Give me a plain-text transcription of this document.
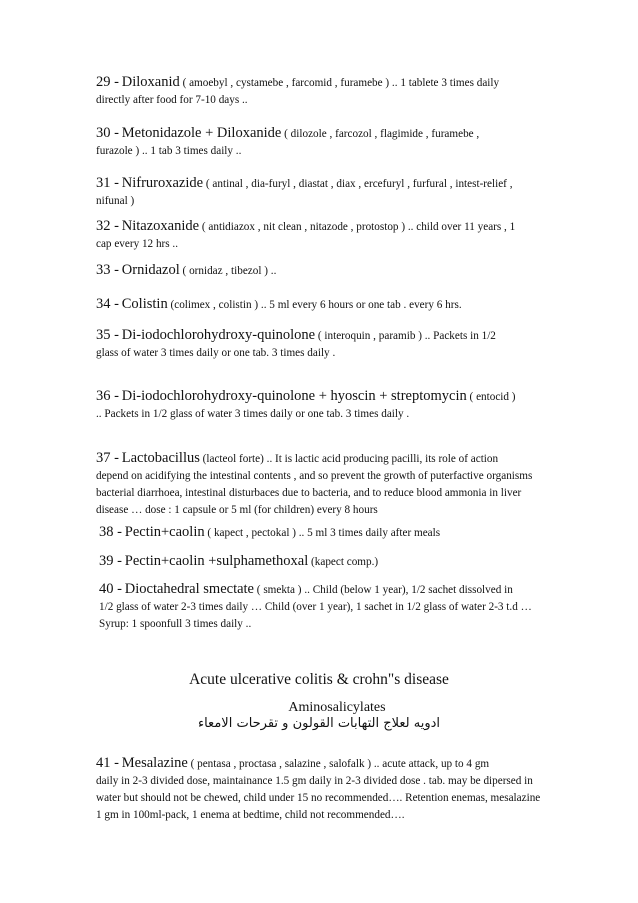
29 - Diloxanid ( amoebyl , cystamebe , farcomid , furamebe ) .. 1 tablete 3 times daily
directly after food for 7-10 days ..
30 - Metonidazole + Diloxanide ( dilozole , farcozol , flagimide , furamebe ,
furazole ) .. 1 tab 3 times daily ..
31 - Nifruroxazide ( antinal , dia-furyl , diastat , diax , ercefuryl , furfural , intest-relief ,
nifunal )
32 - Nitazoxanide ( antidiazox , nit clean , nitazode , protostop ) .. child over 11 years , 1
cap every 12 hrs ..
33 - Ornidazol ( ornidaz , tibezol ) ..
34 - Colistin (colimex , colistin ) .. 5 ml every 6 hours or one tab . every 6 hrs.
35 - Di-iodochlorohydroxy-quinolone ( interoquin , paramib ) .. Packets in 1/2
glass of water 3 times daily or one tab. 3 times daily .
36 - Di-iodochlorohydroxy-quinolone + hyoscin + streptomycin ( entocid )
.. Packets in 1/2 glass of water 3 times daily or one tab. 3 times daily .
37 - Lactobacillus (lacteol forte) .. It is lactic acid producing pacilli, its role of action
depend on acidifying the intestinal contents , and so prevent the growth of puterfactive organisms bacterial diarrhoea, intestinal disturbaces due to bacteria, and to reduce blood ammonia in liver disease … dose : 1 capsule or 5 ml (for children) every 8 hours
38 - Pectin+caolin ( kapect , pectokal ) .. 5 ml 3 times daily after meals
39 - Pectin+caolin +sulphamethoxal (kapect comp.)
40 - Dioctahedral smectate ( smekta ) .. Child (below 1 year), 1/2 sachet dissolved in
1/2 glass of water 2-3 times daily … Child (over 1 year), 1 sachet in 1/2 glass of water 2-3 t.d … Syrup: 1 spoonfull 3 times daily ..
Acute ulcerative colitis & crohn"s disease
Aminosalicylates
ادويه لعلاج التهابات القولون و تقرحات الامعاء
41 - Mesalazine ( pentasa , proctasa , salazine , salofalk ) .. acute attack, up to 4 gm
daily in 2-3 divided dose, maintainance 1.5 gm daily in 2-3 divided dose . tab. may be dipersed in water but should not be chewed, child under 15 no recommended…. Retention enemas, mesalazine 1 gm in 100ml-pack, 1 enema at bedtime, child not recommended….
